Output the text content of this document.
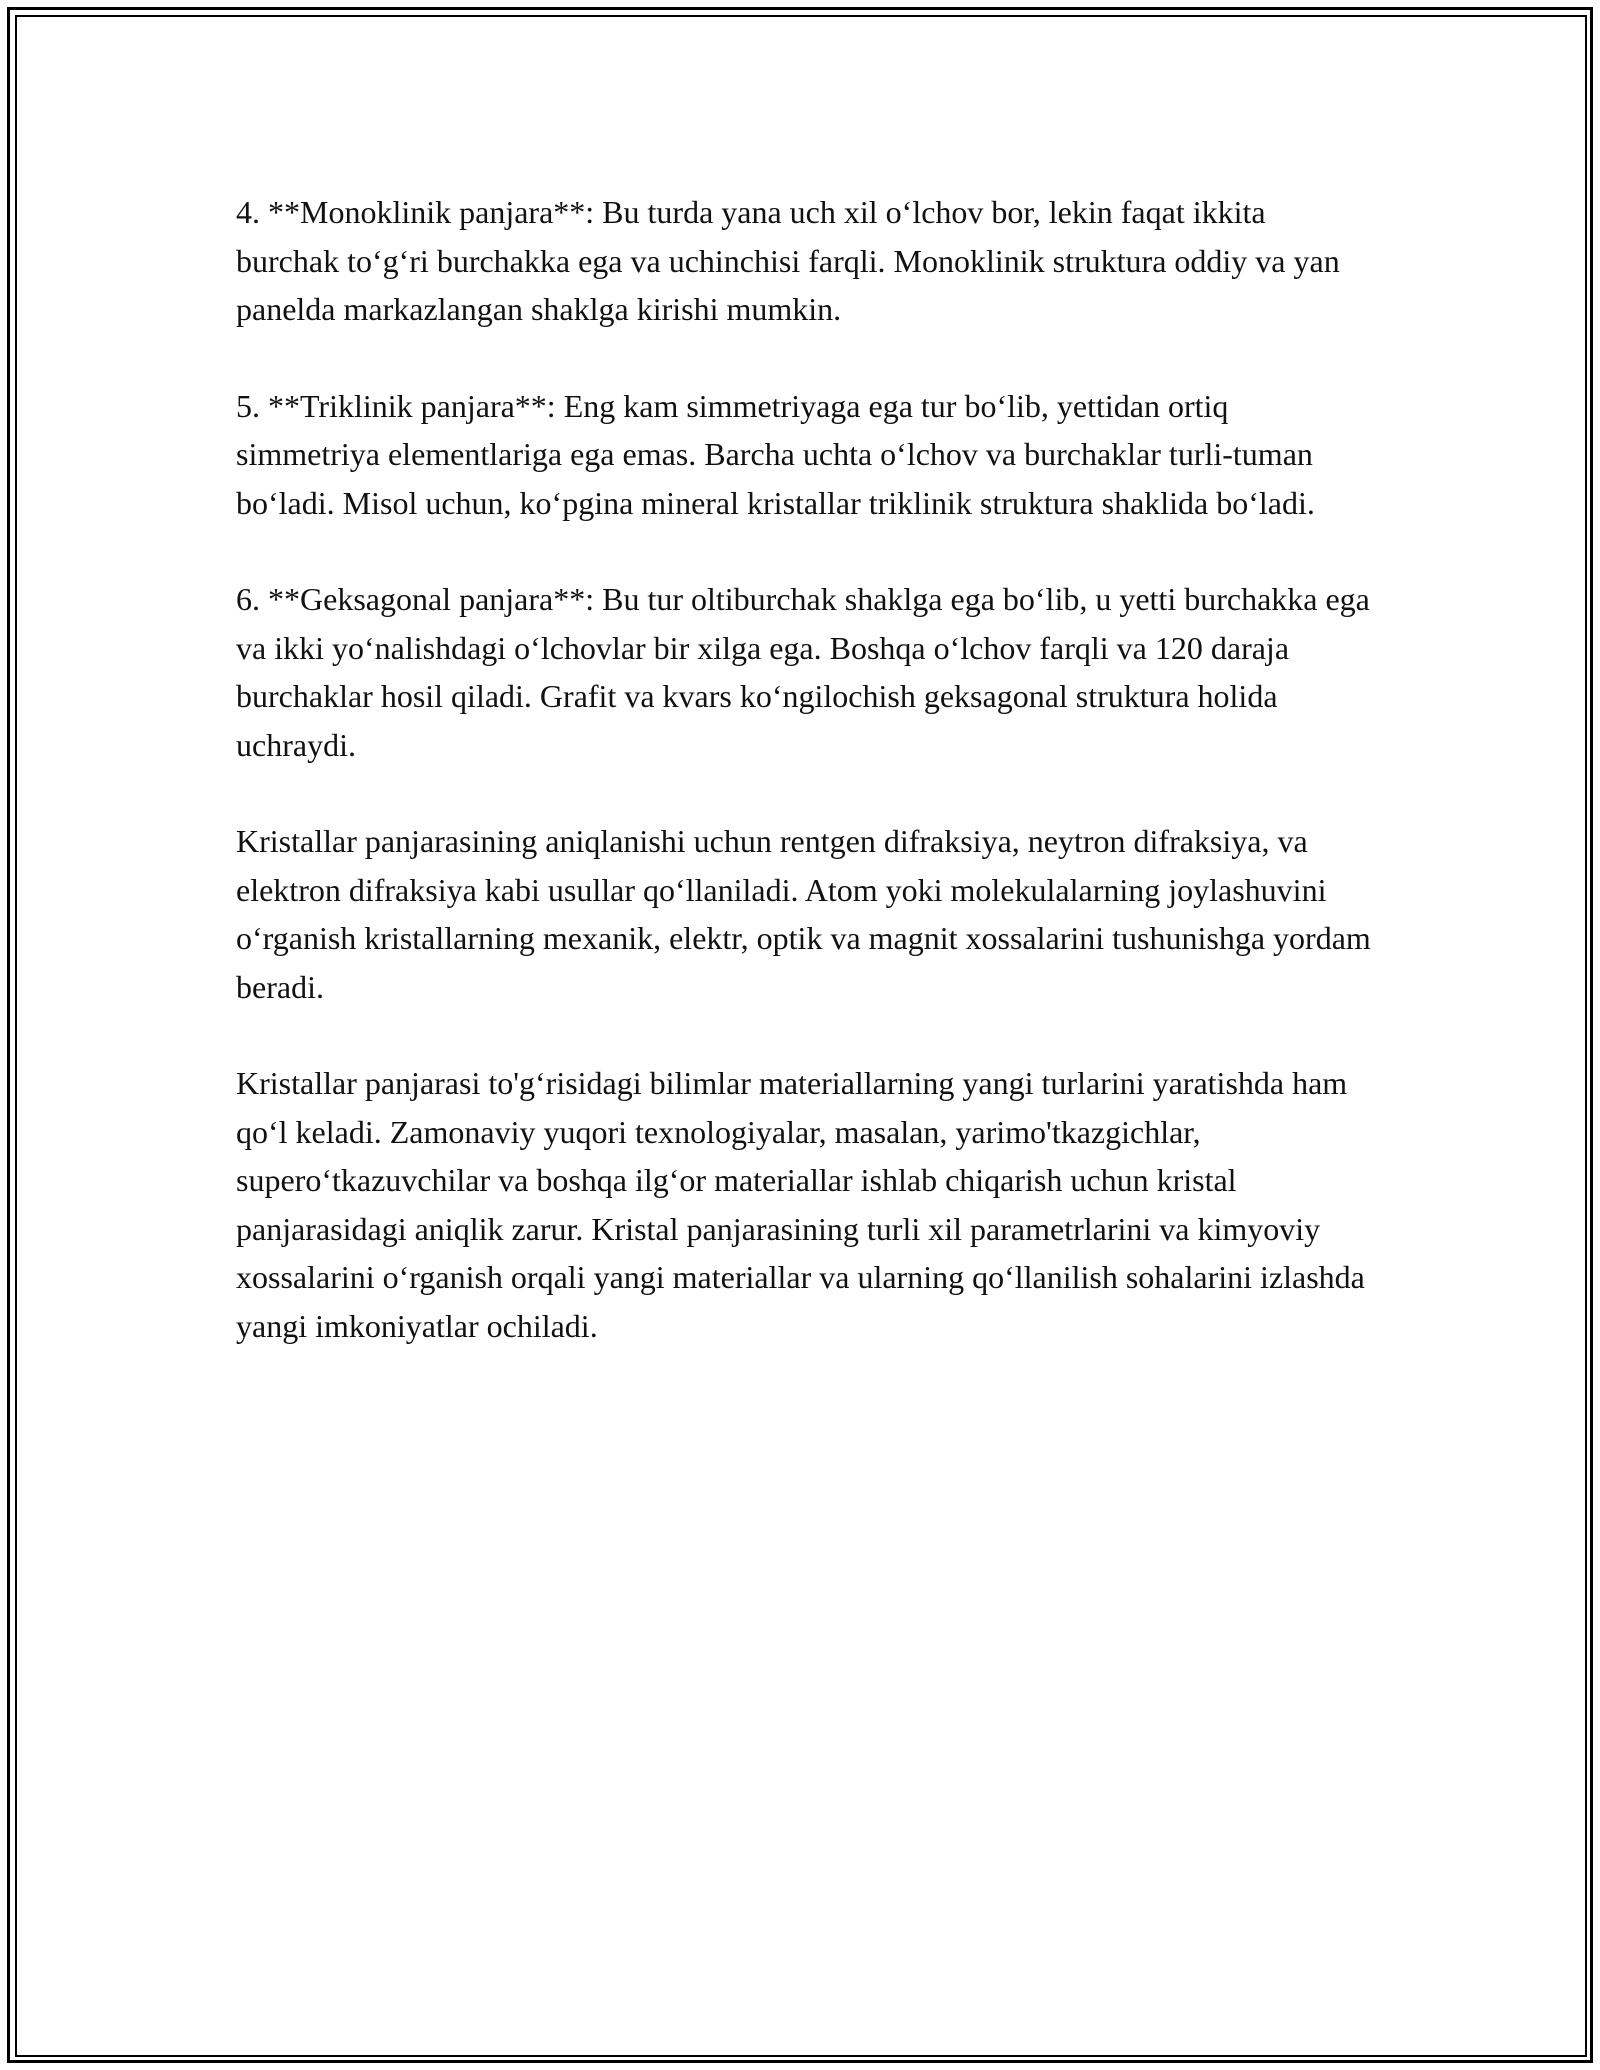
4. **Monoklinik panjara**: Bu turda yana uch xil o‘lchov bor, lekin faqat ikkita burchak to‘g‘ri burchakka ega va uchinchisi farqli. Monoklinik struktura oddiy va yan panelda markazlangan shaklga kirishi mumkin.

5. **Triklinik panjara**: Eng kam simmetriyaga ega tur bo‘lib, yettidan ortiq simmetriya elementlariga ega emas. Barcha uchta o‘lchov va burchaklar turli-tuman bo‘ladi. Misol uchun, ko‘pgina mineral kristallar triklinik struktura shaklida bo‘ladi.

6. **Geksagonal panjara**: Bu tur oltiburchak shaklga ega bo‘lib, u yetti burchakka ega va ikki yo‘nalishdagi o‘lchovlar bir xilga ega. Boshqa o‘lchov farqli va 120 daraja burchaklar hosil qiladi. Grafit va kvars ko‘ngilochish geksagonal struktura holida uchraydi.

Kristallar panjarasining aniqlanishi uchun rentgen difraksiya, neytron difraksiya, va elektron difraksiya kabi usullar qo‘llaniladi. Atom yoki molekulalarning joylashuvini o‘rganish kristallarning mexanik, elektr, optik va magnit xossalarini tushunishga yordam beradi.

Kristallar panjarasi to'g‘risidagi bilimlar materiallarning yangi turlarini yaratishda ham qo‘l keladi. Zamonaviy yuqori texnologiyalar, masalan, yarimo'tkazgichlar, supero‘tkazuvchilar va boshqa ilg‘or materiallar ishlab chiqarish uchun kristal panjarasidagi aniqlik zarur. Kristal panjarasining turli xil parametrlarini va kimyoviy xossalarini o‘rganish orqali yangi materiallar va ularning qo‘llanilish sohalarini izlashda yangi imkoniyatlar ochiladi.
